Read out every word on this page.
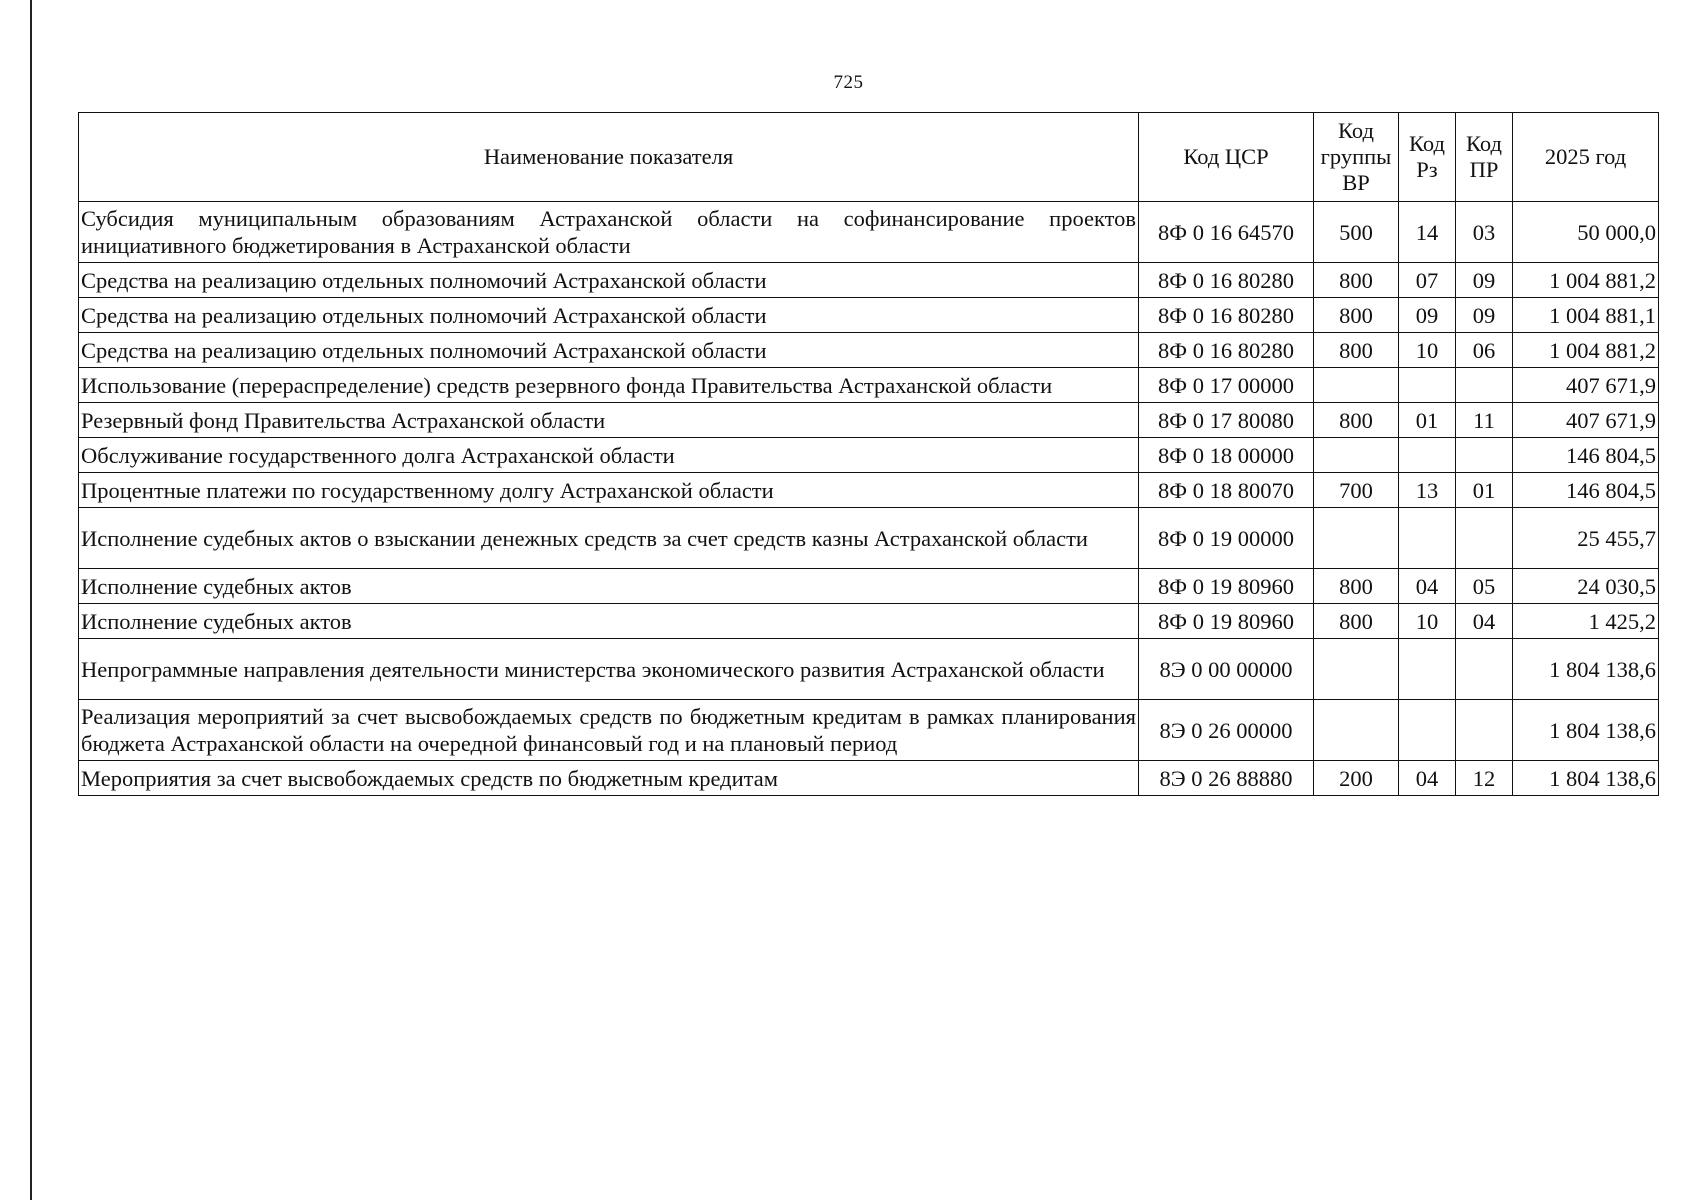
725
Наименование показателя	Код ЦСР	Код группы ВР	Код Рз	Код ПР	2025 год
Субсидия муниципальным образованиям Астраханской области на софинансирование проектов инициативного бюджетирования в Астраханской области	8Ф 0 16 64570	500	14	03	50 000,0
Средства на реализацию отдельных полномочий Астраханской области	8Ф 0 16 80280	800	07	09	1 004 881,2
Средства на реализацию отдельных полномочий Астраханской области	8Ф 0 16 80280	800	09	09	1 004 881,1
Средства на реализацию отдельных полномочий Астраханской области	8Ф 0 16 80280	800	10	06	1 004 881,2
Использование (перераспределение) средств резервного фонда Правительства Астраханской области	8Ф 0 17 00000				407 671,9
Резервный фонд Правительства Астраханской области	8Ф 0 17 80080	800	01	11	407 671,9
Обслуживание государственного долга Астраханской области	8Ф 0 18 00000				146 804,5
Процентные платежи по государственному долгу Астраханской области	8Ф 0 18 80070	700	13	01	146 804,5
Исполнение судебных актов о взыскании денежных средств за счет средств казны Астраханской области	8Ф 0 19 00000				25 455,7
Исполнение судебных актов	8Ф 0 19 80960	800	04	05	24 030,5
Исполнение судебных актов	8Ф 0 19 80960	800	10	04	1 425,2
Непрограммные направления деятельности министерства экономического развития Астраханской области	8Э 0 00 00000				1 804 138,6
Реализация мероприятий за счет высвобождаемых средств по бюджетным кредитам в рамках планирования бюджета Астраханской области на очередной финансовый год и на плановый период	8Э 0 26 00000				1 804 138,6
Мероприятия за счет высвобождаемых средств по бюджетным кредитам	8Э 0 26 88880	200	04	12	1 804 138,6
